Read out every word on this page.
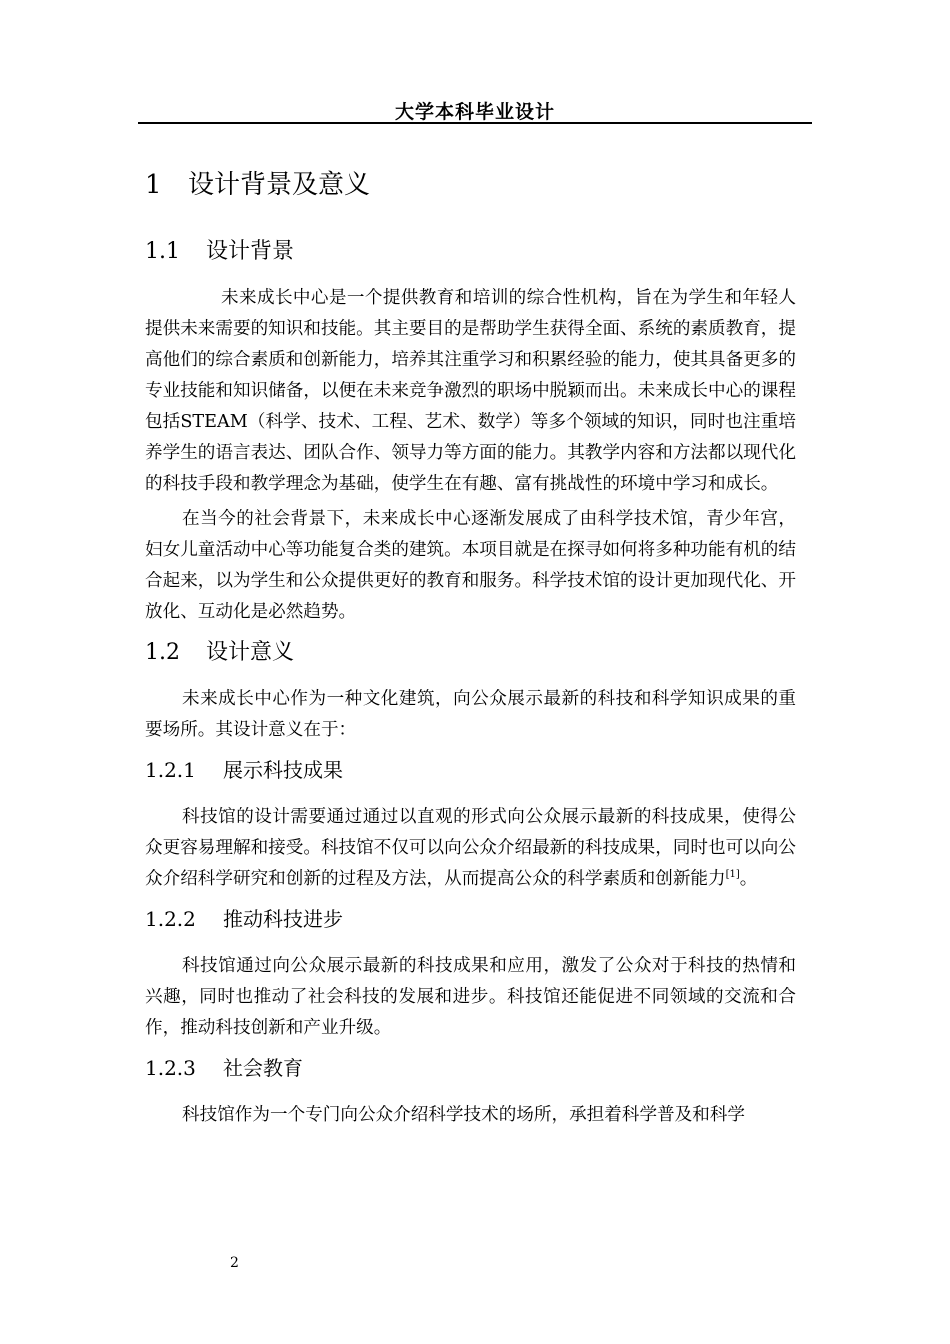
大学本科毕业设计
1 设计背景及意义
1.1 设计背景

未来成长中心是一个提供教育和培训的综合性机构，旨在为学生和年轻人提供未来需要的知识和技能。其主要目的是帮助学生获得全面、系统的素质教育，提高他们的综合素质和创新能力，培养其注重学习和积累经验的能力，使其具备更多的专业技能和知识储备，以便在未来竞争激烈的职场中脱颖而出。未来成长中心的课程包括STEAM（科学、技术、工程、艺术、数学）等多个领域的知识，同时也注重培养学生的语言表达、团队合作、领导力等方面的能力。其教学内容和方法都以现代化的科技手段和教学理念为基础，使学生在有趣、富有挑战性的环境中学习和成长。

在当今的社会背景下，未来成长中心逐渐发展成了由科学技术馆，青少年宫，妇女儿童活动中心等功能复合类的建筑。本项目就是在探寻如何将多种功能有机的结合起来，以为学生和公众提供更好的教育和服务。科学技术馆的设计更加现代化、开放化、互动化是必然趋势。

1.2 设计意义

未来成长中心作为一种文化建筑，向公众展示最新的科技和科学知识成果的重要场所。其设计意义在于：

1.2.1 展示科技成果

科技馆的设计需要通过通过以直观的形式向公众展示最新的科技成果，使得公众更容易理解和接受。科技馆不仅可以向公众介绍最新的科技成果，同时也可以向公众介绍科学研究和创新的过程及方法，从而提高公众的科学素质和创新能力[1]。

1.2.2 推动科技进步

科技馆通过向公众展示最新的科技成果和应用，激发了公众对于科技的热情和兴趣，同时也推动了社会科技的发展和进步。科技馆还能促进不同领域的交流和合作，推动科技创新和产业升级。

1.2.3 社会教育

科技馆作为一个专门向公众介绍科学技术的场所，承担着科学普及和科学

2
